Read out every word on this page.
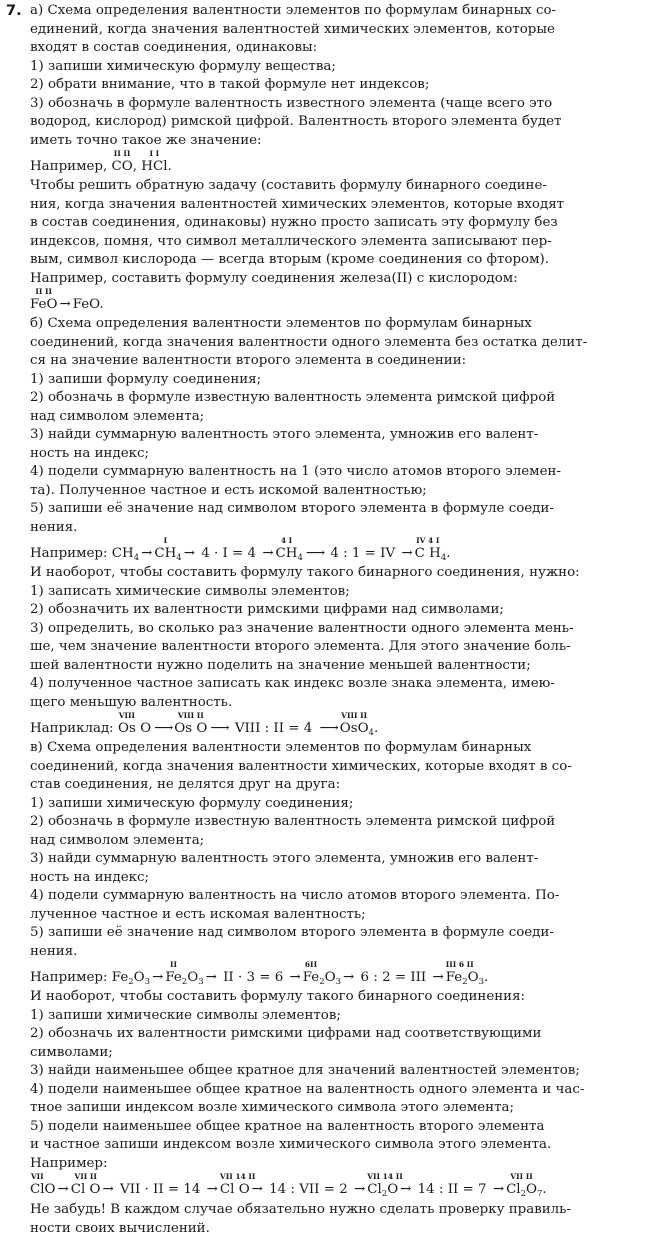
7. а) Схема определения валентности элементов по формулам бинарных со-

единений, когда значения валентностей химических элементов, которые

входят в состав соединения, одинаковы:

1) запиши химическую формулу вещества;

2) обрати внимание, что в такой формуле нет индексов;

3) обозначь в формуле валентность известного элемента (чаще всего это

водород, кислород) римской цифрой. Валентность второго элемента будет

иметь точно такое же значение:

Например,
II II
CO,
I I
HCl.

Чтобы решить обратную задачу (составить формулу бинарного соедине-

ния, когда значения валентностей химических элементов, которые входят

в состав соединения, одинаковы) нужно просто записать эту формулу без

индексов, помня, что символ металлического элемента записывают пер-

вым, символ кислорода — всегда вторым (кроме соединения со фтором).

Например, составить формулу соединения железа(II) с кислородом:

II II
FeO → FeO.

б) Схема определения валентности элементов по формулам бинарных

соединений, когда значения валентности одного элемента без остатка делит-

ся на значение валентности второго элемента в соединении:

1) запиши формулу соединения;

2) обозначь в формуле известную валентность элемента римской цифрой

над символом элемента;

3) найди суммарную валентность этого элемента, умножив его валент-

ность на индекс;

4) подели суммарную валентность на 1 (это число атомов второго элемен-

та). Полученное частное и есть искомой валентностью;

5) запиши её значение над символом второго элемента в формуле соеди-

нения.

Например: $CH_4$ →
I
$CH_4 \to 4 \cdot I = 4$ →
4 I
$CH_4$ ⟶ 4 : 1 = IV →
IV 4 I
C $H_4$.

И наоборот, чтобы составить формулу такого бинарного соединения, нужно:

1) записать химические символы элементов;

2) обозначить их валентности римскими цифрами над символами;

3) определить, во сколько раз значение валентности одного элемента мень-

ше, чем значение валентности второго элемента. Для этого значение боль-

шей валентности нужно поделить на значение меньшей валентности;

4) полученное частное записать как индекс возле знака элемента, имею-

щего меньшую валентность.

Наприклад:
VIII
Os O ⟶
VIII II
Os O ⟶ VIII : II = 4 ⟶
VIII II
OsO$_4$.

в) Схема определения валентности элементов по формулам бинарных

соединений, когда значения валентности химических, которые входят в со-

став соединения, не делятся друг на друга:

1) запиши химическую формулу соединения;

2) обозначь в формуле известную валентность элемента римской цифрой

над символом элемента;

3) найди суммарную валентность этого элемента, умножив его валент-

ность на индекс;

4) подели суммарную валентность на число атомов второго элемента. По-

лученное частное и есть искомая валентность;

5) запиши её значение над символом второго элемента в формуле соеди-

нения.

Например: $Fe_2O_3$ →
II
$Fe_2O_3$ → II · 3 = 6 →
6II
$Fe_2O_3 \to 6$ : 2 = III →
III 6 II
$Fe_2O_3$.

И наоборот, чтобы составить формулу такого бинарного соединения:

1) запиши химические символы элементов;

2) обозначь их валентности римскими цифрами над соответствующими

символами;

3) найди наименьшее общее кратное для значений валентностей элементов;

4) подели наименьшее общее кратное на валентность одного элемента и час-

тное запиши индексом возле химического символа этого элемента;

5) подели наименьшее общее кратное на валентность второго элемента

и частное запиши индексом возле химического символа этого элемента.

Например:

VII
ClO →
VII II
Cl O → VII · II = 14 →
VII 14 II
Cl O → 14 : VII = 2 →
VII 14 II
$Cl_2O \to 14$ : II = 7 →
VII II
$Cl_2O_7$.

Не забудь! В каждом случае обязательно нужно сделать проверку правиль-

ности своих вычислений.
